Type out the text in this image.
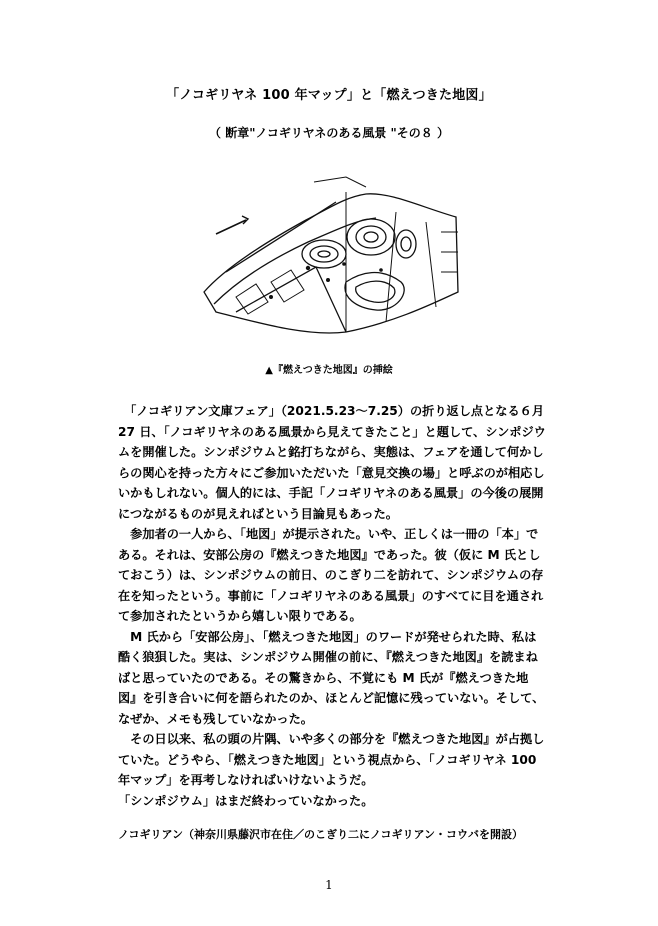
「ノコギリヤネ 100 年マップ」と「燃えつきた地図」
（ 断章"ノコギリヤネのある風景 "その８ ）
▲『燃えつきた地図』の挿絵

　「ノコギリアン文庫フェア」（2021.5.23～7.25）の折り返し点となる６月 27 日、「ノコギリヤネのある風景から見えてきたこと」と題して、シンポジウムを開催した。シンポジウムと銘打ちながら、実態は、フェアを通して何かしらの関心を持った方々にご参加いただいた「意見交換の場」と呼ぶのが相応しいかもしれない。個人的には、手記「ノコギリヤネのある風景」の今後の展開につながるものが見えればという目論見もあった。

　参加者の一人から、「地図」が提示された。いや、正しくは一冊の「本」である。それは、安部公房の『燃えつきた地図』であった。彼（仮に M 氏としておこう）は、シンポジウムの前日、のこぎり二を訪れて、シンポジウムの存在を知ったという。事前に「ノコギリヤネのある風景」のすべてに目を通されて参加されたというから嬉しい限りである。

　M 氏から「安部公房」、「燃えつきた地図」のワードが発せられた時、私は酷く狼狽した。実は、シンポジウム開催の前に、『燃えつきた地図』を読まねばと思っていたのである。その驚きから、不覚にも M 氏が『燃えつきた地図』を引き合いに何を語られたのか、ほとんど記憶に残っていない。そして、なぜか、メモも残していなかった。

　その日以来、私の頭の片隅、いや多くの部分を『燃えつきた地図』が占拠していた。どうやら、「燃えつきた地図」という視点から、「ノコギリヤネ 100 年マップ」を再考しなければいけないようだ。

「シンポジウム」はまだ終わっていなかった。

ノコギリアン（神奈川県藤沢市在住／のこぎり二にノコギリアン・コウバを開設）
1
